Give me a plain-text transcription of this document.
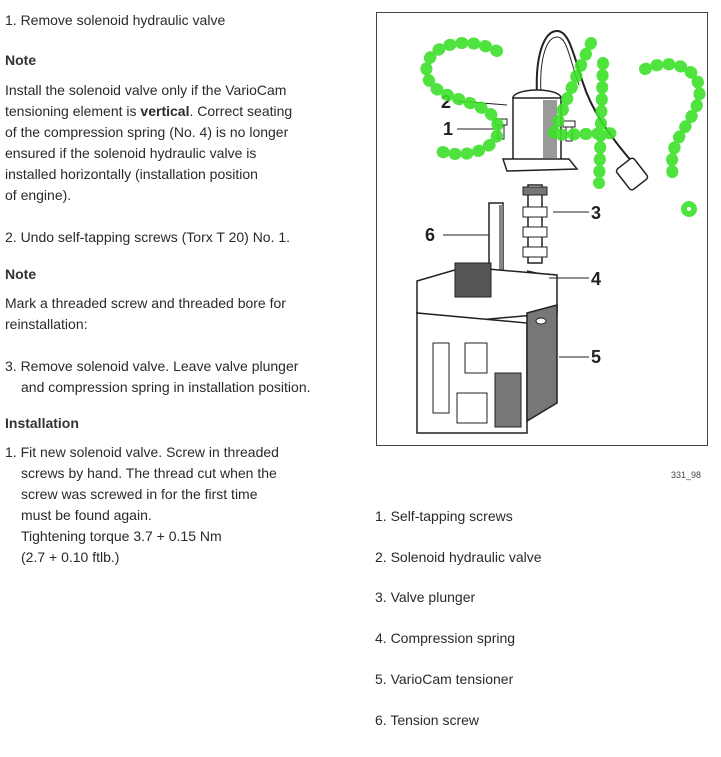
1. Remove solenoid hydraulic valve

Note

Install the solenoid valve only if the VarioCam
tensioning element is vertical. Correct seating
of the compression spring (No. 4) is no longer
ensured if the solenoid hydraulic valve is
installed horizontally (installation position
of engine).

2. Undo self-tapping screws (Torx T 20) No. 1.

Note

Mark a threaded screw and threaded bore for
reinstallation:

3. Remove solenoid valve. Leave valve plunger
and compression spring in installation position.

Installation

1. Fit new solenoid valve. Screw in threaded

screws by hand. The thread cut when the
screw was screwed in for the first time
must be found again.
Tightening torque 3.7 + 0.15 Nm
(2.7 + 0.10 ftlb.)
2
1
3
4
5
6
331_98
1. Self-tapping screws
2. Solenoid hydraulic valve
3. Valve plunger
4. Compression spring
5. VarioCam tensioner
6. Tension screw
